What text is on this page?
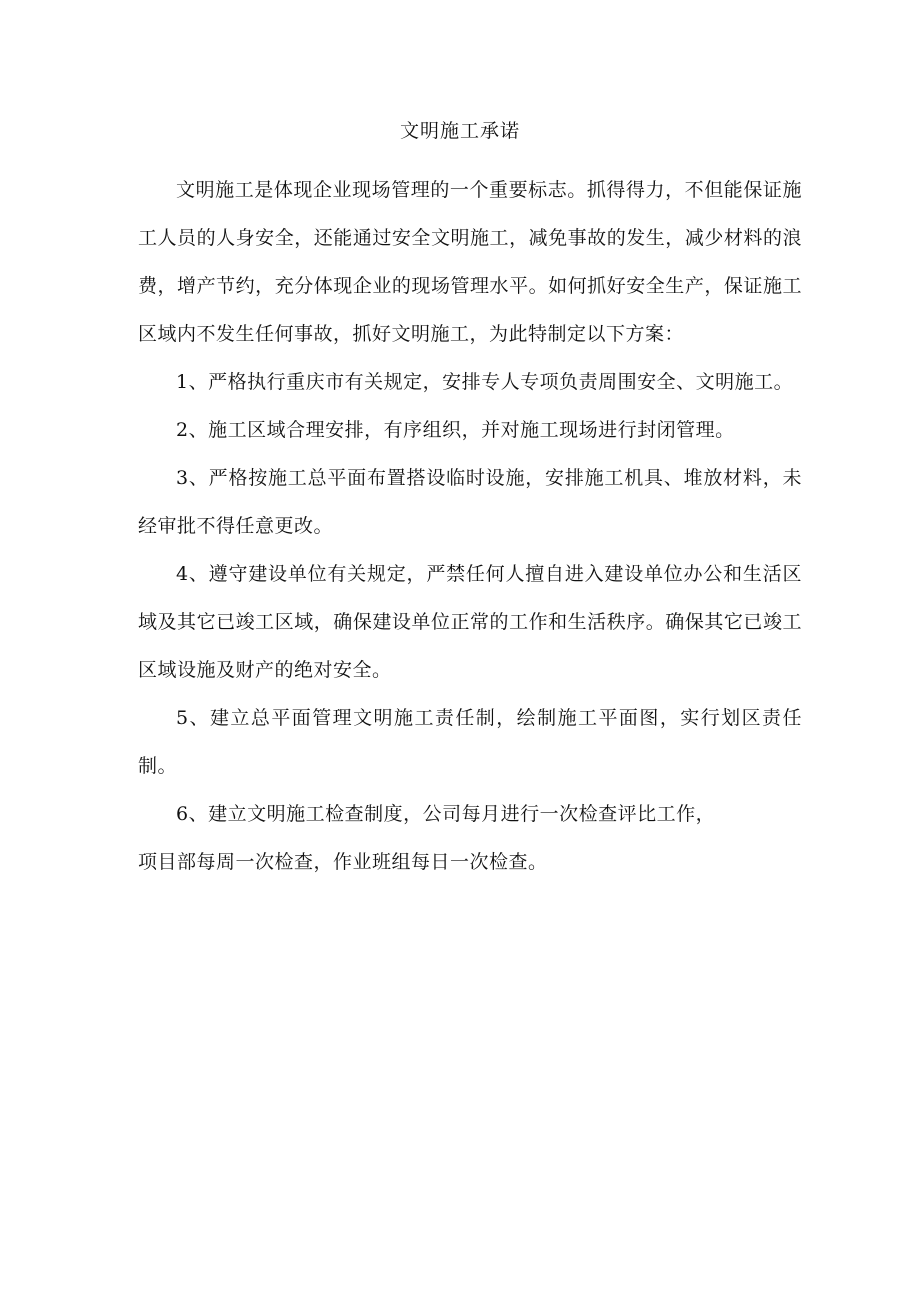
文明施工承诺

文明施工是体现企业现场管理的一个重要标志。抓得得力，不但能保证施工人员的人身安全，还能通过安全文明施工，减免事故的发生，减少材料的浪费，增产节约，充分体现企业的现场管理水平。如何抓好安全生产，保证施工区域内不发生任何事故，抓好文明施工，为此特制定以下方案：

1、严格执行重庆市有关规定，安排专人专项负责周围安全、文明施工。

2、施工区域合理安排，有序组织，并对施工现场进行封闭管理。

3、严格按施工总平面布置搭设临时设施，安排施工机具、堆放材料，未经审批不得任意更改。

4、遵守建设单位有关规定，严禁任何人擅自进入建设单位办公和生活区域及其它已竣工区域，确保建设单位正常的工作和生活秩序。确保其它已竣工区域设施及财产的绝对安全。

5、建立总平面管理文明施工责任制，绘制施工平面图，实行划区责任制。

6、建立文明施工检查制度，公司每月进行一次检查评比工作，
项目部每周一次检查，作业班组每日一次检查。
